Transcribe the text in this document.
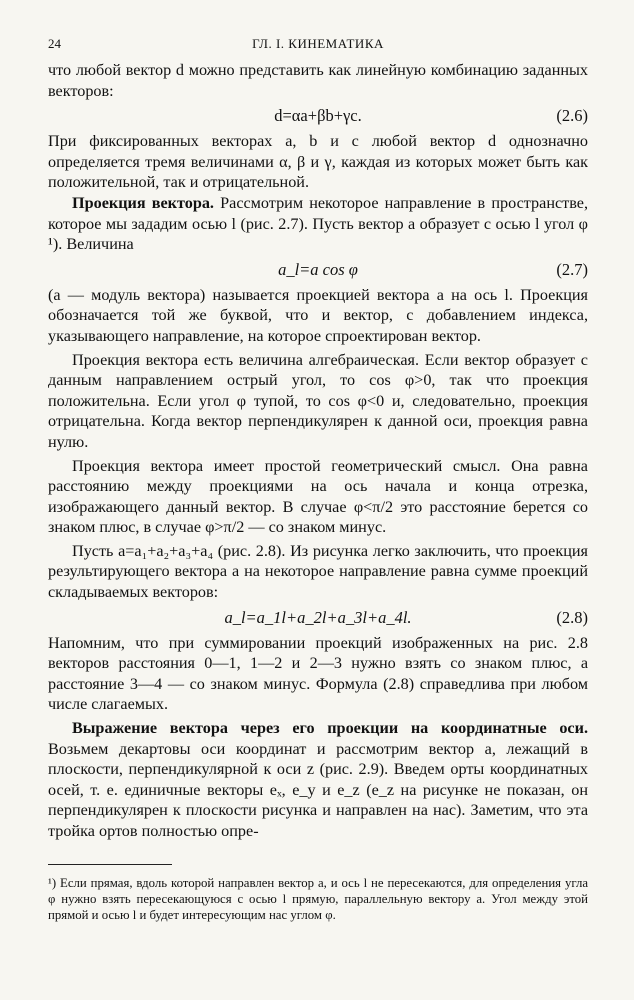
24	ГЛ. I. КИНЕМАТИКА

что любой вектор d можно представить как линейную комбинацию заданных векторов:

d=αa+βb+γc.	(2.6)

При фиксированных векторах a, b и c любой вектор d однозначно определяется тремя величинами α, β и γ, каждая из которых может быть как положительной, так и отрицательной.

Проекция вектора. Рассмотрим некоторое направление в пространстве, которое мы зададим осью l (рис. 2.7). Пусть вектор a образует с осью l угол φ ¹). Величина

a_l=a cos φ	(2.7)

(a — модуль вектора) называется проекцией вектора a на ось l. Проекция обозначается той же буквой, что и вектор, с добавлением индекса, указывающего направление, на которое спроектирован вектор.

Проекция вектора есть величина алгебраическая. Если вектор образует с данным направлением острый угол, то cos φ>0, так что проекция положительна. Если угол φ тупой, то cos φ<0 и, следовательно, проекция отрицательна. Когда вектор перпендикулярен к данной оси, проекция равна нулю.

Проекция вектора имеет простой геометрический смысл. Она равна расстоянию между проекциями на ось начала и конца отрезка, изображающего данный вектор. В случае φ<π/2 это расстояние берется со знаком плюс, в случае φ>π/2 — со знаком минус.

Пусть a=a₁+a₂+a₃+a₄ (рис. 2.8). Из рисунка легко заключить, что проекция результирующего вектора a на некоторое направление равна сумме проекций складываемых векторов:

a_l=a_1l+a_2l+a_3l+a_4l.	(2.8)

Напомним, что при суммировании проекций изображенных на рис. 2.8 векторов расстояния 0—1, 1—2 и 2—3 нужно взять со знаком плюс, а расстояние 3—4 — со знаком минус. Формула (2.8) справедлива при любом числе слагаемых.

Выражение вектора через его проекции на координатные оси. Возьмем декартовы оси координат и рассмотрим вектор a, лежащий в плоскости, перпендикулярной к оси z (рис. 2.9). Введем орты координатных осей, т. е. единичные векторы eₓ, e_y и e_z (e_z на рисунке не показан, он перпендикулярен к плоскости рисунка и направлен на нас). Заметим, что эта тройка ортов полностью опре-

¹) Если прямая, вдоль которой направлен вектор a, и ось l не пересекаются, для определения угла φ нужно взять пересекающуюся с осью l прямую, параллельную вектору a. Угол между этой прямой и осью l и будет интересующим нас углом φ.
